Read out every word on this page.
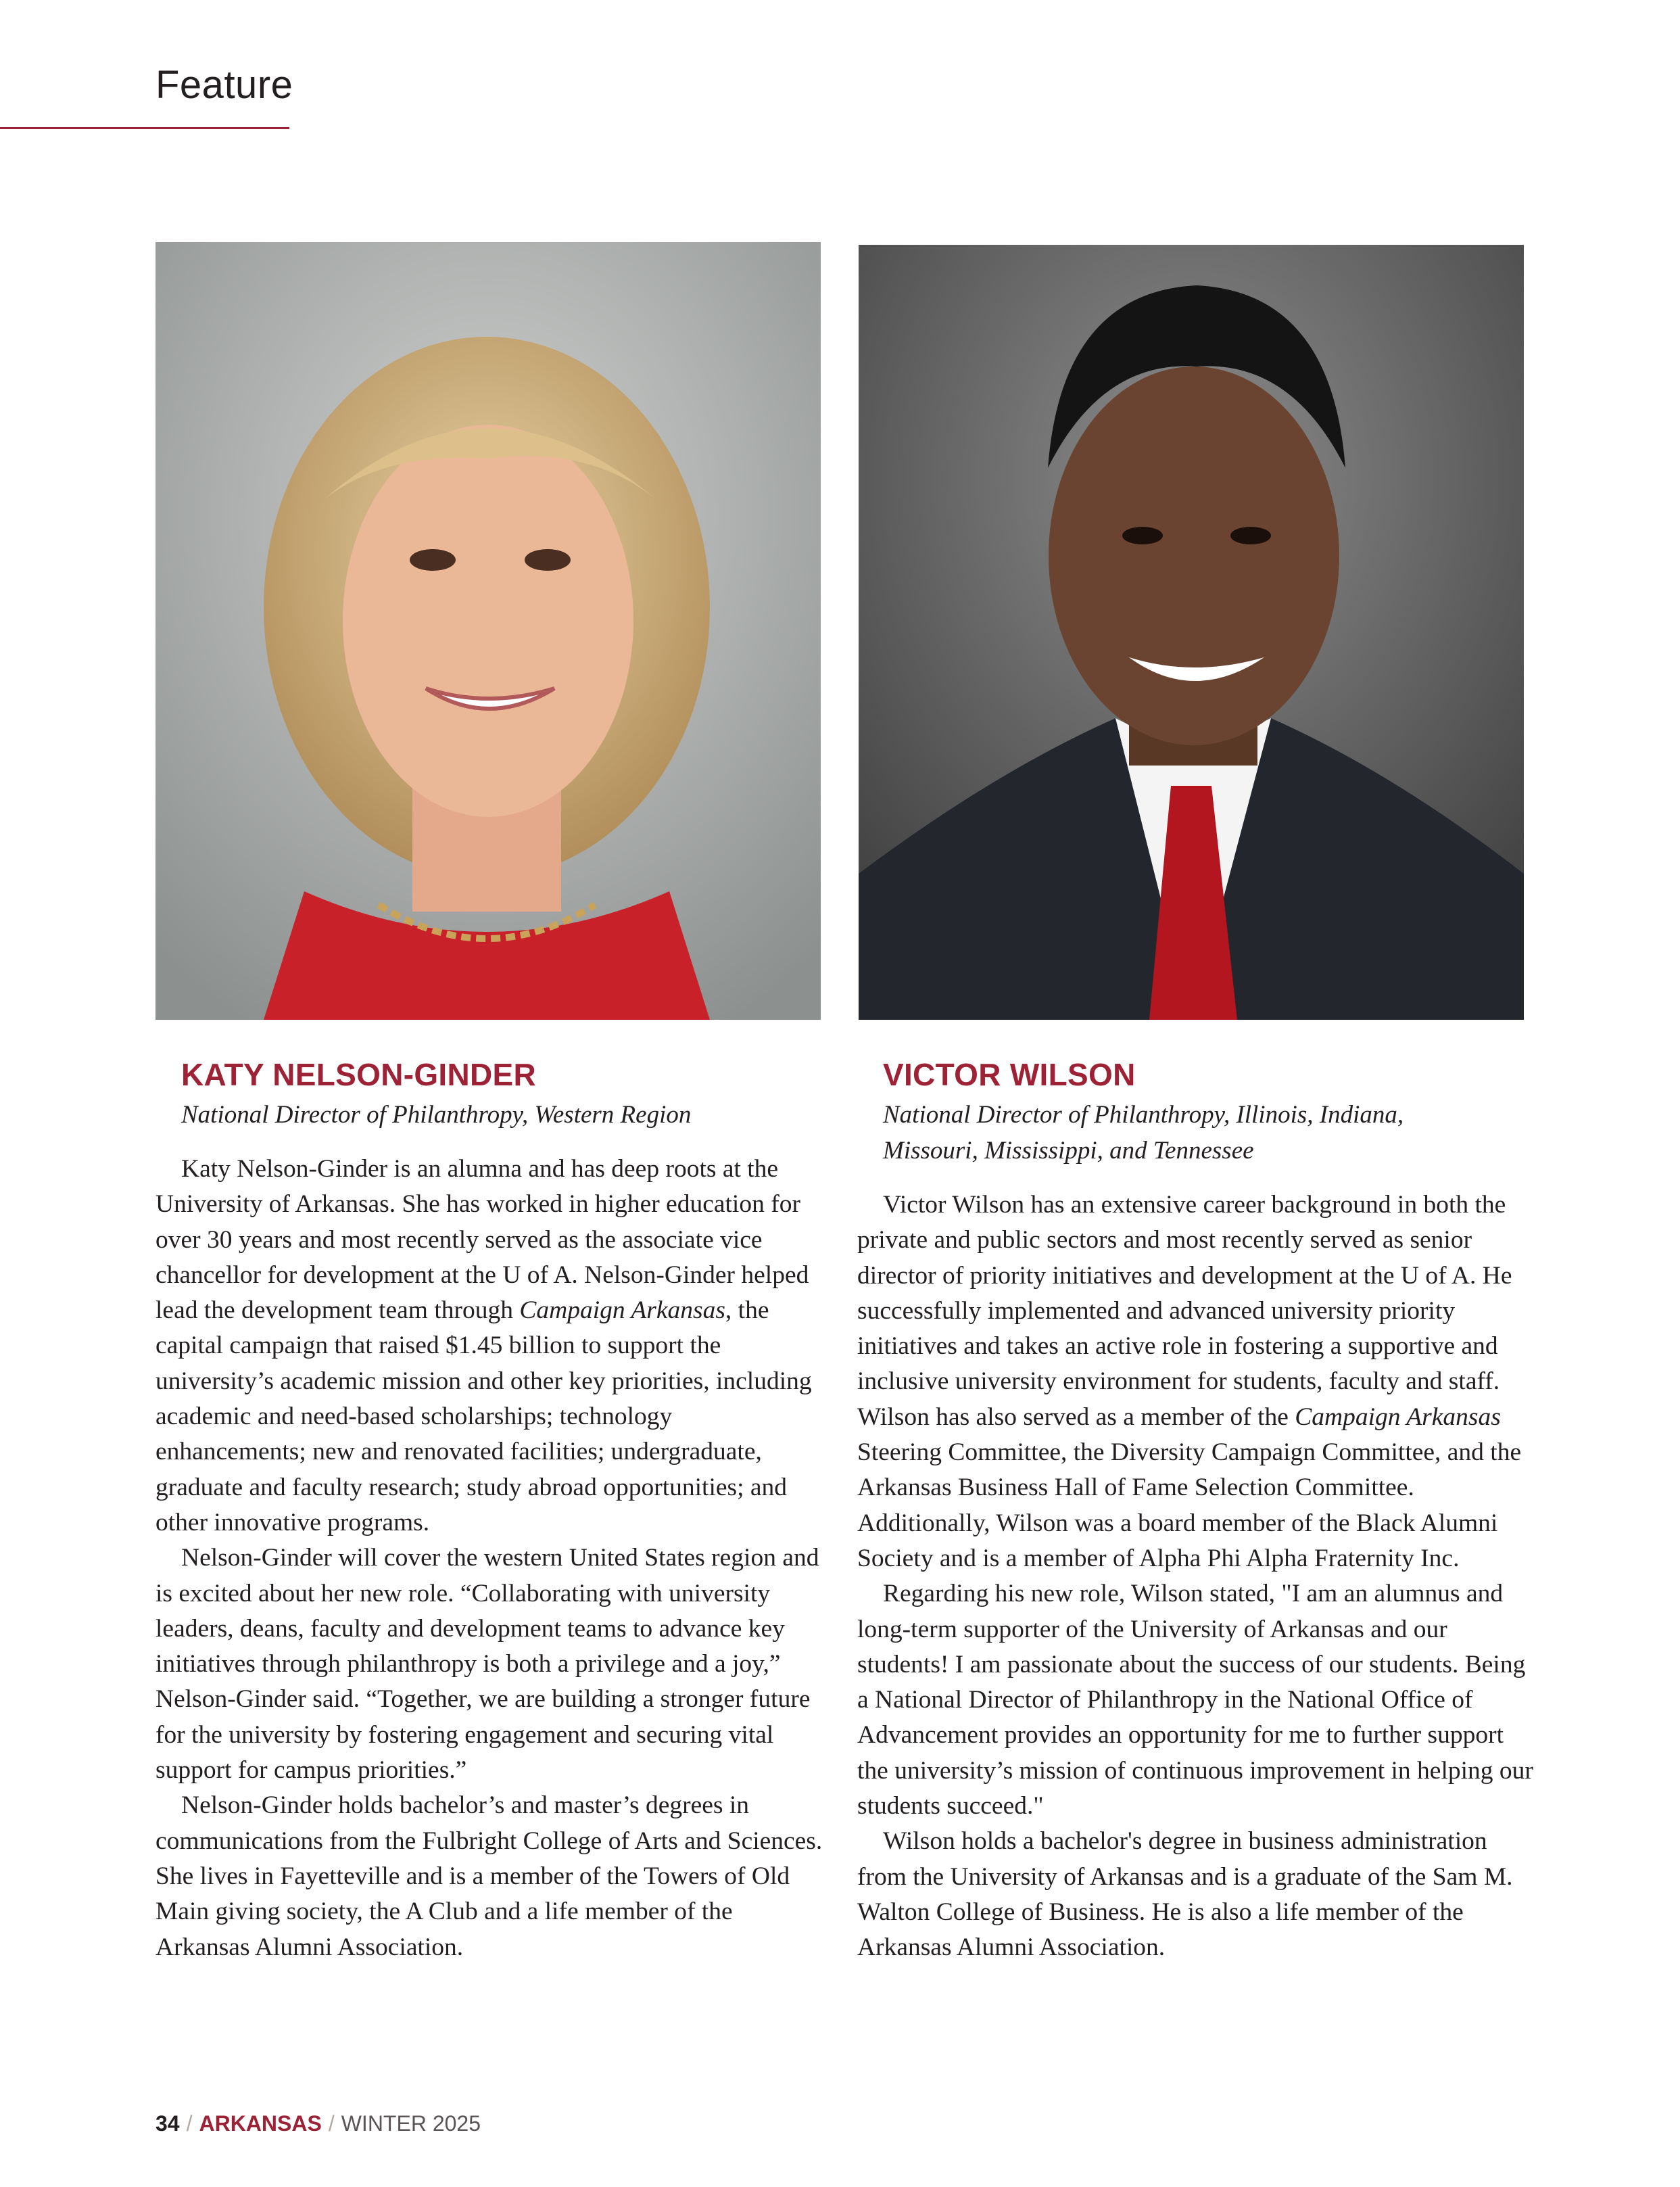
Feature
KATY NELSON-GINDER
National Director of Philanthropy, Western Region

Katy Nelson-Ginder is an alumna and has deep roots at the University of Arkansas. She has worked in higher education for over 30 years and most recently served as the associate vice chancellor for development at the U of A. Nelson-Ginder helped lead the development team through Campaign Arkansas, the capital campaign that raised $1.45 billion to support the university’s academic mission and other key priorities, including academic and need-based scholarships; technology enhancements; new and renovated facilities; undergraduate, graduate and faculty research; study abroad opportunities; and other innovative programs.

Nelson-Ginder will cover the western United States region and is excited about her new role. “Collaborating with university leaders, deans, faculty and development teams to advance key initiatives through philanthropy is both a privilege and a joy,” Nelson-Ginder said. “Together, we are building a stronger future for the university by fostering engagement and securing vital support for campus priorities.”

Nelson-Ginder holds bachelor’s and master’s degrees in communications from the Fulbright College of Arts and Sciences. She lives in Fayetteville and is a member of the Towers of Old Main giving society, the A Club and a life member of the Arkansas Alumni Association.

VICTOR WILSON
National Director of Philanthropy, Illinois, Indiana, Missouri, Mississippi, and Tennessee

Victor Wilson has an extensive career background in both the private and public sectors and most recently served as senior director of priority initiatives and development at the U of A. He successfully implemented and advanced university priority initiatives and takes an active role in fostering a supportive and inclusive university environment for students, faculty and staff. Wilson has also served as a member of the Campaign Arkansas Steering Committee, the Diversity Campaign Committee, and the Arkansas Business Hall of Fame Selection Committee. Additionally, Wilson was a board member of the Black Alumni Society and is a member of Alpha Phi Alpha Fraternity Inc.

Regarding his new role, Wilson stated, "I am an alumnus and long-term supporter of the University of Arkansas and our students! I am passionate about the success of our students. Being a National Director of Philanthropy in the National Office of Advancement provides an opportunity for me to further support the university’s mission of continuous improvement in helping our students succeed."

Wilson holds a bachelor's degree in business administration from the University of Arkansas and is a graduate of the Sam M. Walton College of Business. He is also a life member of the Arkansas Alumni Association.

34 / ARKANSAS / WINTER 2025
